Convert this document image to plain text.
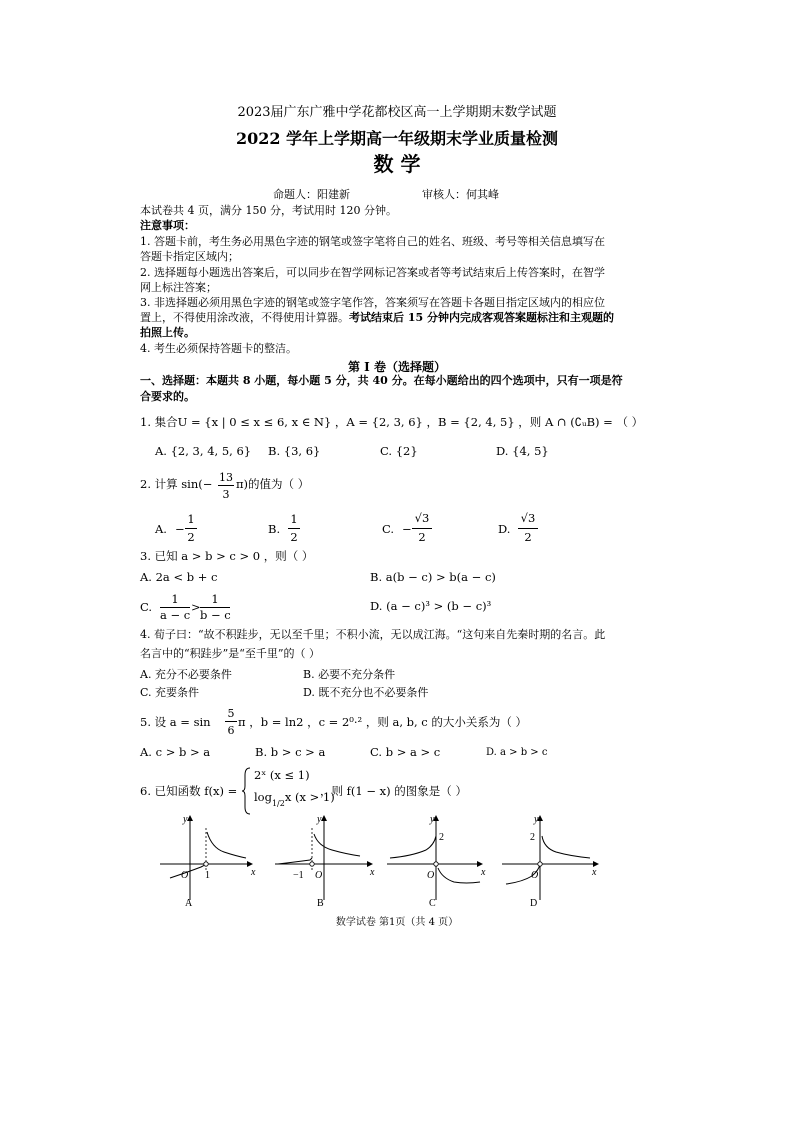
2023届广东广雅中学花都校区高一上学期期末数学试题
2022 学年上学期高一年级期末学业质量检测
数 学
命题人：阳建新	审核人：何其峰
本试卷共 4 页，满分 150 分，考试用时 120 分钟。
注意事项：
1. 答题卡前，考生务必用黑色字迹的钢笔或签字笔将自己的姓名、班级、考号等相关信息填写在
答题卡指定区域内；
2. 选择题每小题选出答案后，可以同步在智学网标记答案或者等考试结束后上传答案时，在智学
网上标注答案；
3. 非选择题必须用黑色字迹的钢笔或签字笔作答，答案须写在答题卡各题目指定区域内的相应位
置上，不得使用涂改液，不得使用计算器。考试结束后 15 分钟内完成客观答案题标注和主观题的
拍照上传。
4. 考生必须保持答题卡的整洁。
第 I 卷（选择题）
一、选择题：本题共 8 小题，每小题 5 分，共 40 分。在每小题给出的四个选项中，只有一项是符
合要求的。
1. 集合U = {x | 0 ≤ x ≤ 6, x ∈ N} ，A = {2, 3, 6} ，B = {2, 4, 5} ，则 A ∩ (∁ᵤB) = （ ）
A. {2, 3, 4, 5, 6} B. {3, 6}	C. {2}	D. {4, 5}
2. 计算 sin(− 13
3
π)的值为（ ）
A. −
1
2
B.
1
2
C. −
√3
2
D.
√3
2
3. 已知 a > b > c > 0 ，则（ ）
A. 2a < b + c	B. a(b − c) > b(a − c)
C.
1
a − c
>
1
b − c
D. (a − c)³ > (b − c)³
4. 荀子曰：“故不积跬步，无以至千里；不积小流，无以成江海。“这句来自先秦时期的名言。此
名言中的“积跬步”是“至千里”的（ ）
A. 充分不必要条件	B. 必要不充分条件
C. 充要条件	D. 既不充分也不必要条件
5. 设 a = sin
5
6
π ，b = ln2 ，c = 2⁰·² ，则 a, b, c 的大小关系为（ ）
A. c > b > a	B. b > c > a	C. b > a > c	D. a > b > c
6. 已知函数 f(x) =
2ˣ (x ≤ 1)
$\log_{1/2}x$ (x > 1)
，则 f(1 − x) 的图象是（ ）
y
x
O 1
A
y
x
O
−1
B
y
x
O
2
C
y
x
O
2
D
数学试卷 第1页（共 4 页）
